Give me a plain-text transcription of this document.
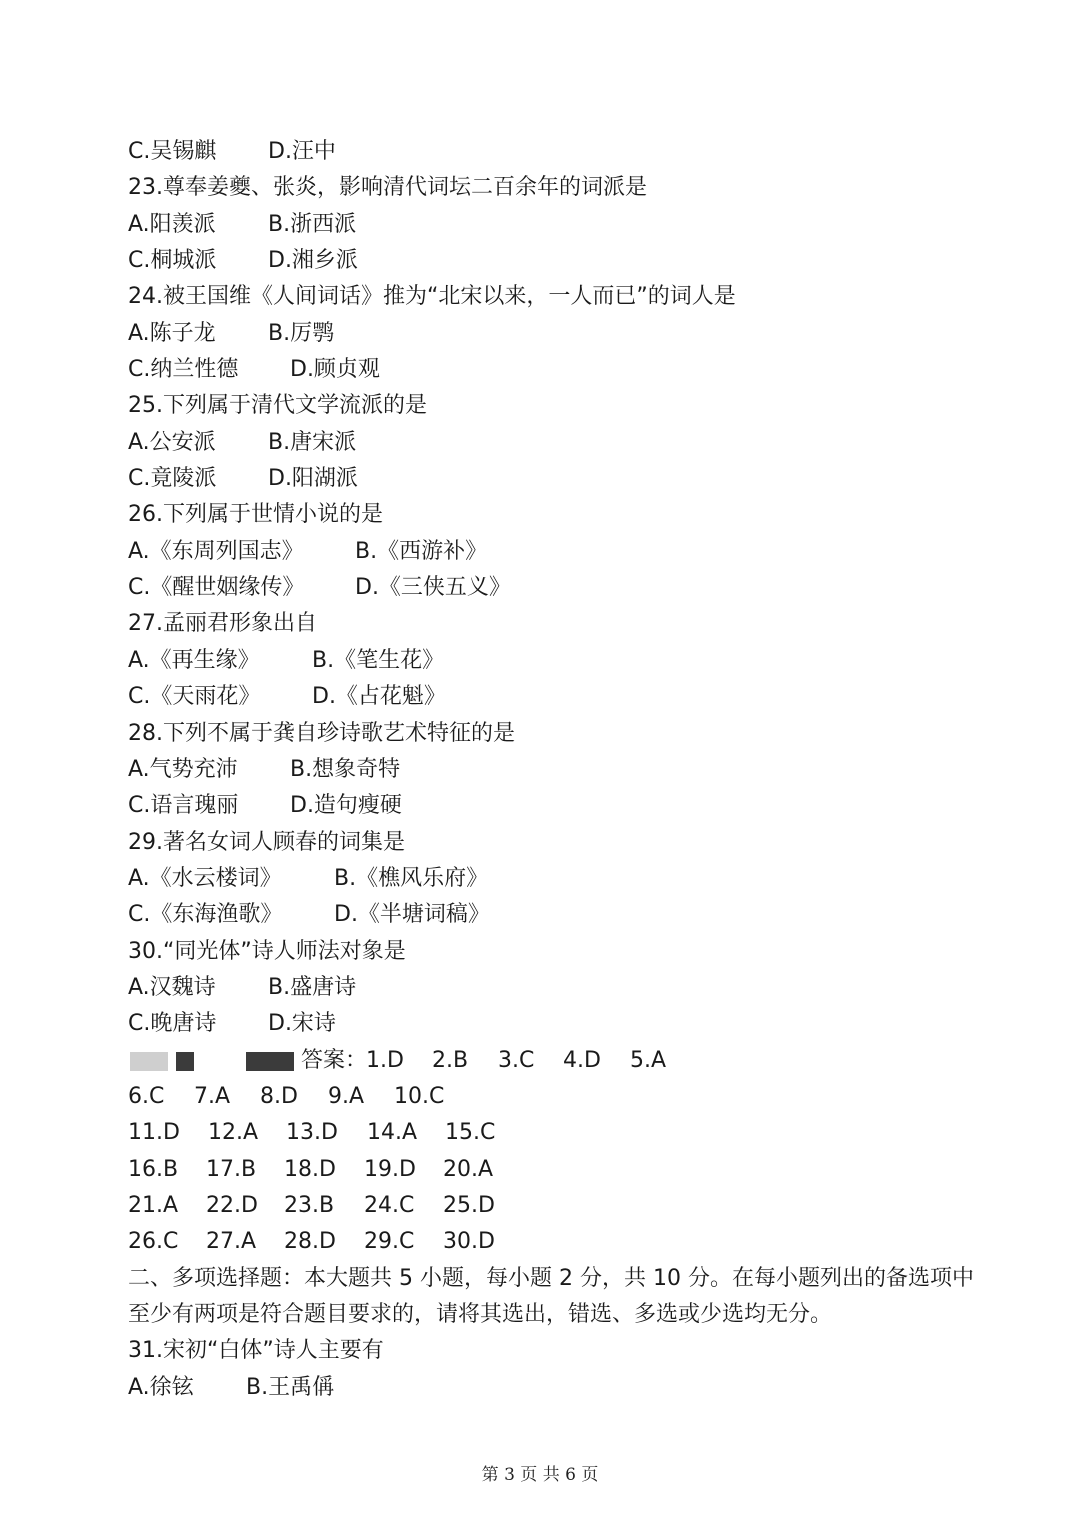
C.吴锡麒 D.汪中
23.尊奉姜夔、张炎，影响清代词坛二百余年的词派是
A.阳羡派 B.浙西派
C.桐城派 D.湘乡派
24.被王国维《人间词话》推为“北宋以来，一人而已”的词人是
A.陈子龙 B.厉鹗
C.纳兰性德 D.顾贞观
25.下列属于清代文学流派的是
A.公安派 B.唐宋派
C.竟陵派 D.阳湖派
26.下列属于世情小说的是
A.《东周列国志》 B.《西游补》
C.《醒世姻缘传》 D.《三侠五义》
27.孟丽君形象出自
A.《再生缘》 B.《笔生花》
C.《天雨花》 D.《占花魁》
28.下列不属于龚自珍诗歌艺术特征的是
A.气势充沛 B.想象奇特
C.语言瑰丽 D.造句瘦硬
29.著名女词人顾春的词集是
A.《水云楼词》 B.《樵风乐府》
C.《东海渔歌》 D.《半塘词稿》
30.“同光体”诗人师法对象是
A.汉魏诗 B.盛唐诗
C.晚唐诗 D.宋诗
答案：
1.D 2.B 3.C 4.D 5.A
6.C 7.A 8.D 9.A 10.C
11.D 12.A 13.D 14.A 15.C
16.B 17.B 18.D 19.D 20.A
21.A 22.D 23.B 24.C 25.D
26.C 27.A 28.D 29.C 30.D
二、多项选择题：本大题共 5 小题，每小题 2 分，共 10 分。在每小题列出的备选项中
至少有两项是符合题目要求的，请将其选出，错选、多选或少选均无分。
31.宋初“白体”诗人主要有
A.徐铉 B.王禹偁
第 3 页 共 6 页
